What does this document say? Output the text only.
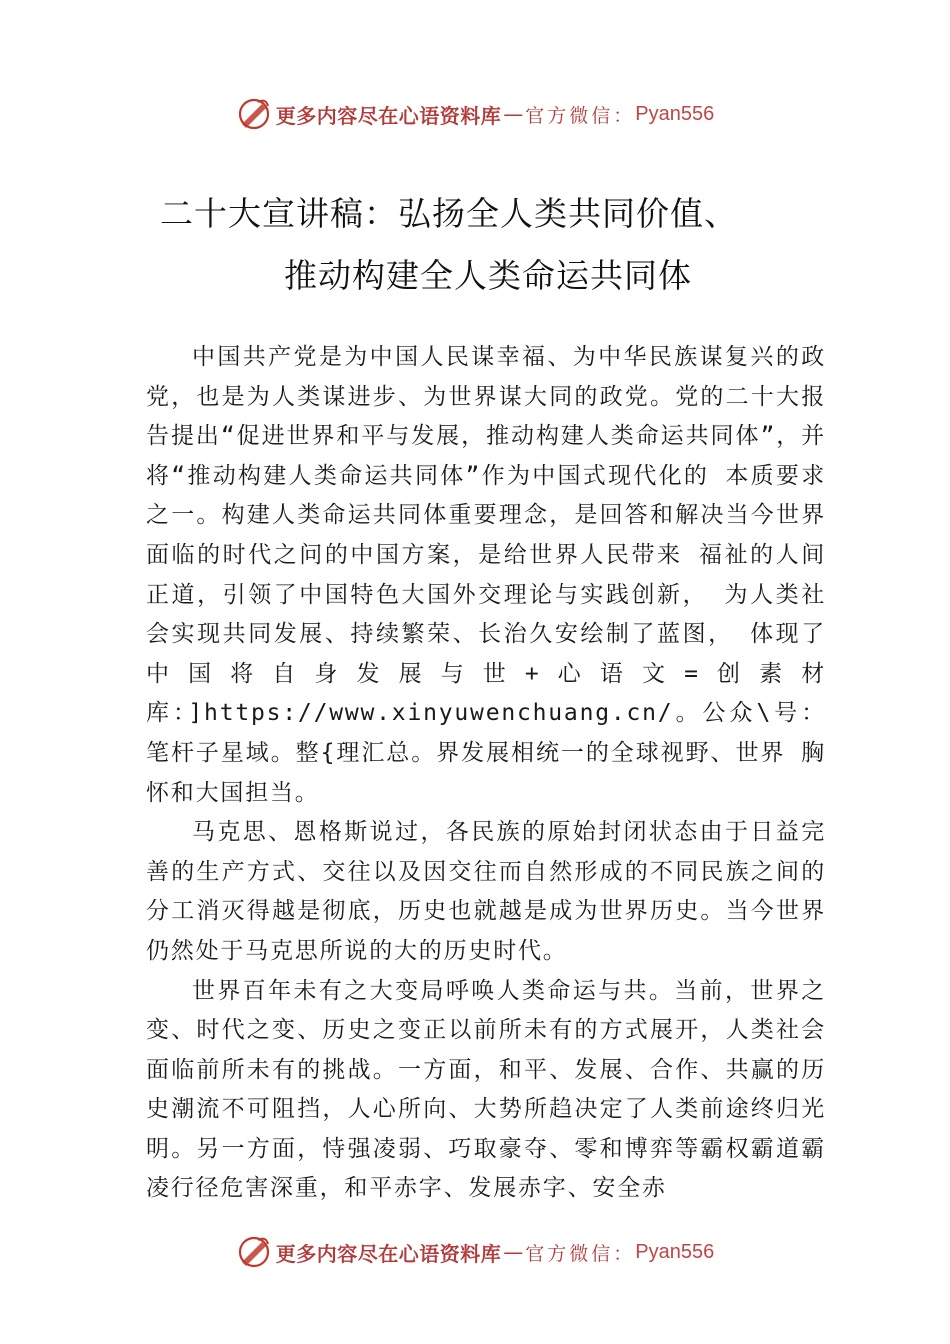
更多内容尽在心语资料库 — 官方微信： Pyan556
二十大宣讲稿：弘扬全人类共同价值、
推动构建全人类命运共同体

中国共产党是为中国人民谋幸福、为中华民族谋复兴的政党，也是为人类谋进步、为世界谋大同的政党。党的二十大报告提出“促进世界和平与发展，推动构建人类命运共同体”，并将“推动构建人类命运共同体”作为中国式现代化的 本质要求之一。构建人类命运共同体重要理念，是回答和解决当今世界面临的时代之问的中国方案，是给世界人民带来 福祉的人间正道，引领了中国特色大国外交理论与实践创新， 为人类社会实现共同发展、持续繁荣、长治久安绘制了蓝图， 体现了中国将自身发展与世+心语文=创素材库：]https://www.xinyuwenchuang.cn/。公众\号：笔杆子星域。整{理汇总。界发展相统一的全球视野、世界 胸怀和大国担当。

马克思、恩格斯说过，各民族的原始封闭状态由于日益完善的生产方式、交往以及因交往而自然形成的不同民族之间的分工消灭得越是彻底，历史也就越是成为世界历史。当今世界仍然处于马克思所说的大的历史时代。

世界百年未有之大变局呼唤人类命运与共。当前，世界之变、时代之变、历史之变正以前所未有的方式展开，人类社会面临前所未有的挑战。一方面，和平、发展、合作、共赢的历史潮流不可阻挡，人心所向、大势所趋决定了人类前途终归光明。另一方面，恃强凌弱、巧取豪夺、零和博弈等霸权霸道霸凌行径危害深重，和平赤字、发展赤字、安全赤

更多内容尽在心语资料库 — 官方微信： Pyan556
